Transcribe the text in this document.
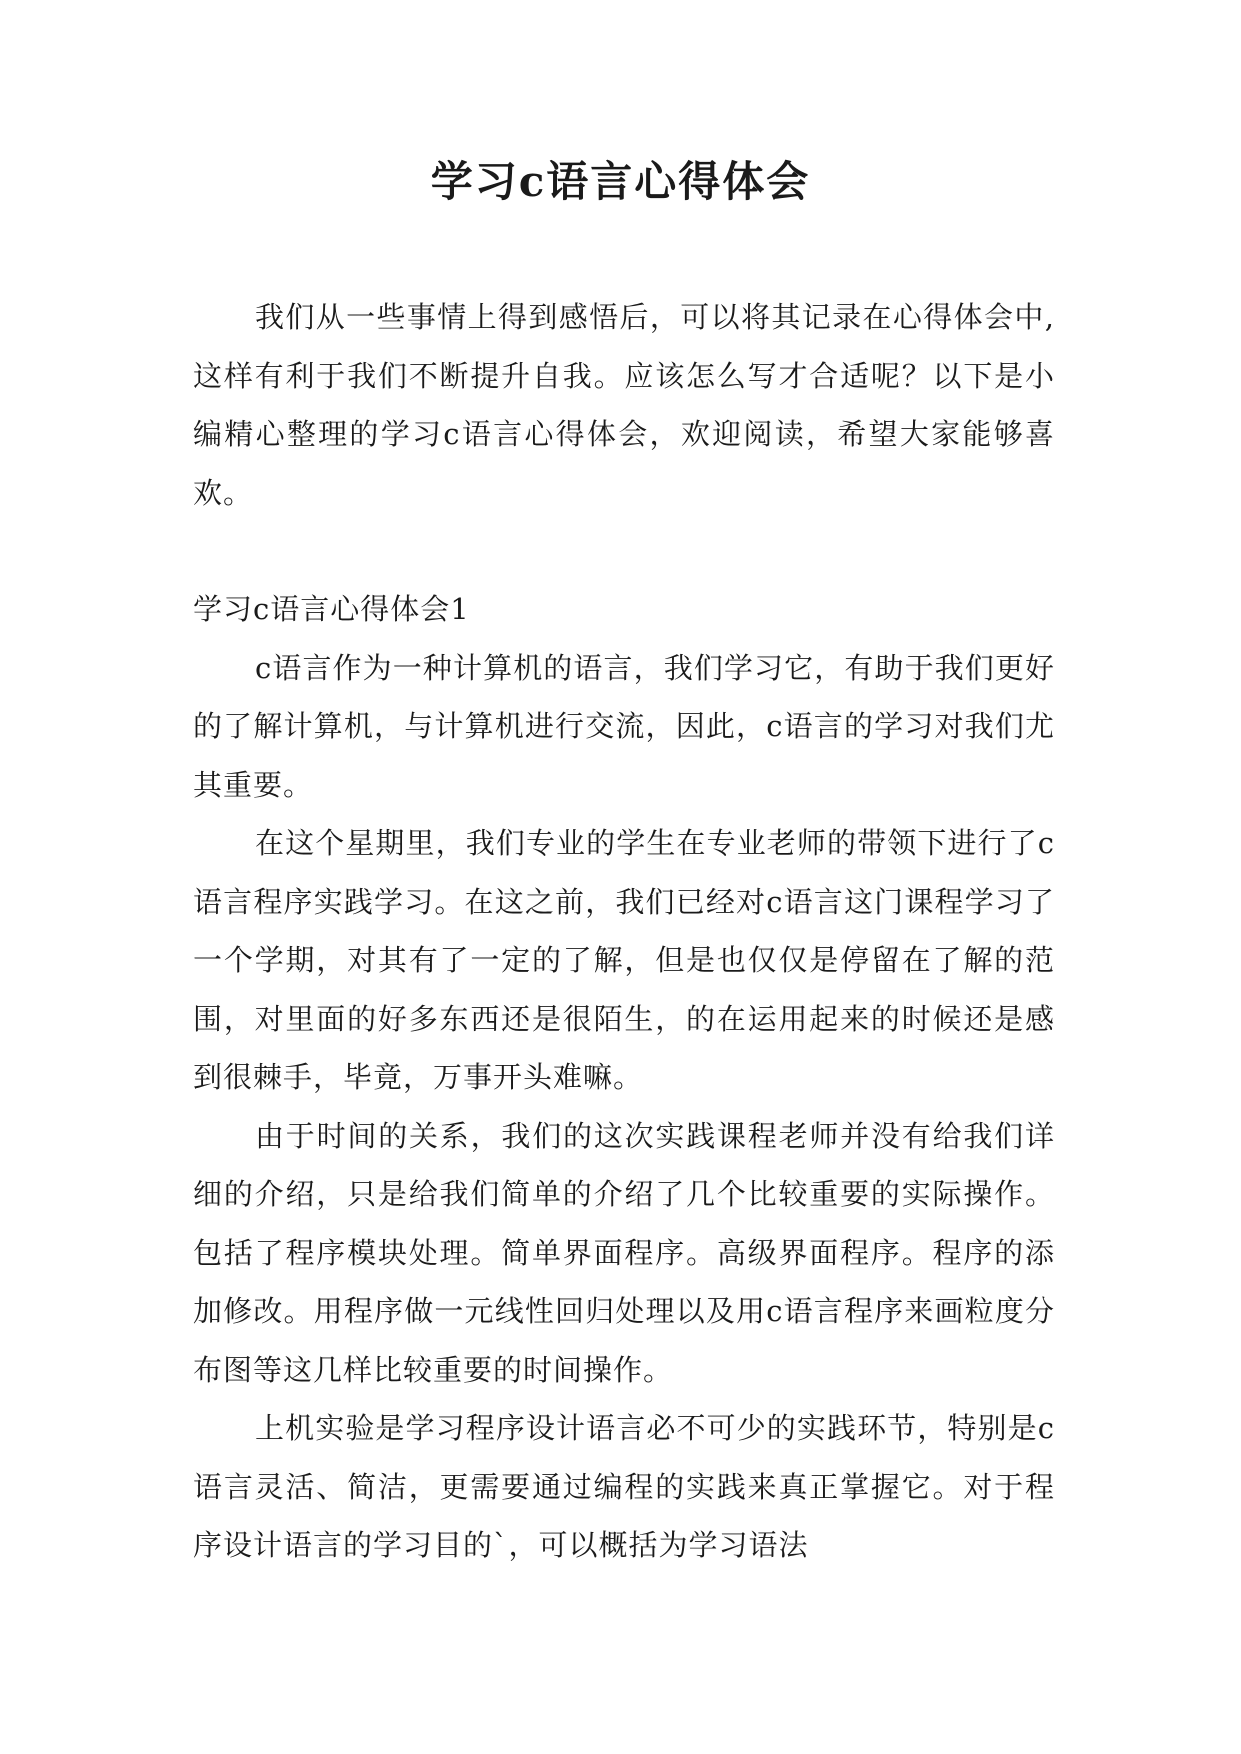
学习c语言心得体会

我们从一些事情上得到感悟后，可以将其记录在心得体会中,这样有利于我们不断提升自我。应该怎么写才合适呢？以下是小编精心整理的学习c语言心得体会，欢迎阅读，希望大家能够喜欢。

学习c语言心得体会1

c语言作为一种计算机的语言，我们学习它，有助于我们更好的了解计算机，与计算机进行交流，因此，c语言的学习对我们尤其重要。

在这个星期里，我们专业的学生在专业老师的带领下进行了c语言程序实践学习。在这之前，我们已经对c语言这门课程学习了一个学期，对其有了一定的了解，但是也仅仅是停留在了解的范围，对里面的好多东西还是很陌生，的在运用起来的时候还是感到很棘手，毕竟，万事开头难嘛。

由于时间的关系，我们的这次实践课程老师并没有给我们详细的介绍，只是给我们简单的介绍了几个比较重要的实际操作。包括了程序模块处理。简单界面程序。高级界面程序。程序的添加修改。用程序做一元线性回归处理以及用c语言程序来画粒度分布图等这几样比较重要的时间操作。

上机实验是学习程序设计语言必不可少的实践环节，特别是c语言灵活、简洁，更需要通过编程的实践来真正掌握它。对于程序设计语言的学习目的`，可以概括为学习语法
